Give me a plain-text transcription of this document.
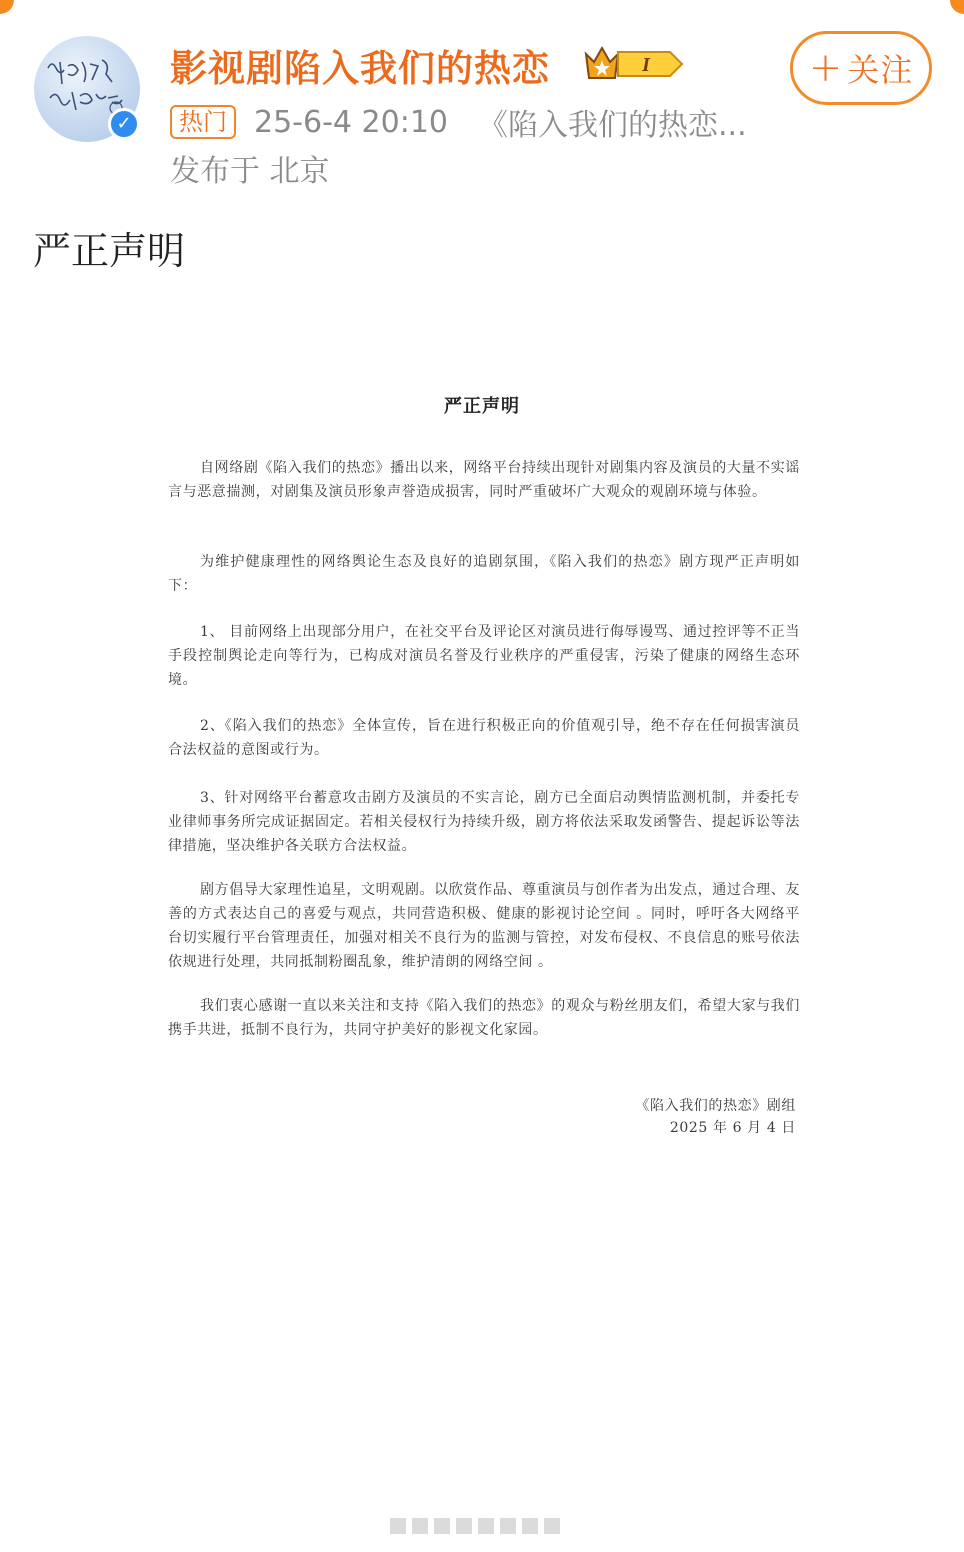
✓
影视剧陷入我们的热恋	I	+ 关注
热门 25-6-4 20:10 《陷入我们的热恋...
发布于 北京
严正声明
严正声明

自网络剧《陷入我们的热恋》播出以来，网络平台持续出现针对剧集内容及演员的大量不实谣言与恶意揣测，对剧集及演员形象声誉造成损害，同时严重破坏广大观众的观剧环境与体验。

为维护健康理性的网络舆论生态及良好的追剧氛围，《陷入我们的热恋》剧方现严正声明如下：

1、 目前网络上出现部分用户，在社交平台及评论区对演员进行侮辱谩骂、通过控评等不正当手段控制舆论走向等行为，已构成对演员名誉及行业秩序的严重侵害，污染了健康的网络生态环境。

2、《陷入我们的热恋》全体宣传，旨在进行积极正向的价值观引导，绝不存在任何损害演员合法权益的意图或行为。

3、针对网络平台蓄意攻击剧方及演员的不实言论，剧方已全面启动舆情监测机制，并委托专业律师事务所完成证据固定。若相关侵权行为持续升级，剧方将依法采取发函警告、提起诉讼等法律措施，坚决维护各关联方合法权益。

剧方倡导大家理性追星，文明观剧。以欣赏作品、尊重演员与创作者为出发点，通过合理、友善的方式表达自己的喜爱与观点，共同营造积极、健康的影视讨论空间 。同时，呼吁各大网络平台切实履行平台管理责任，加强对相关不良行为的监测与管控，对发布侵权、不良信息的账号依法依规进行处理，共同抵制粉圈乱象，维护清朗的网络空间 。

我们衷心感谢一直以来关注和支持《陷入我们的热恋》的观众与粉丝朋友们，希望大家与我们携手共进，抵制不良行为，共同守护美好的影视文化家园。

《陷入我们的热恋》剧组
2025 年 6 月 4 日
